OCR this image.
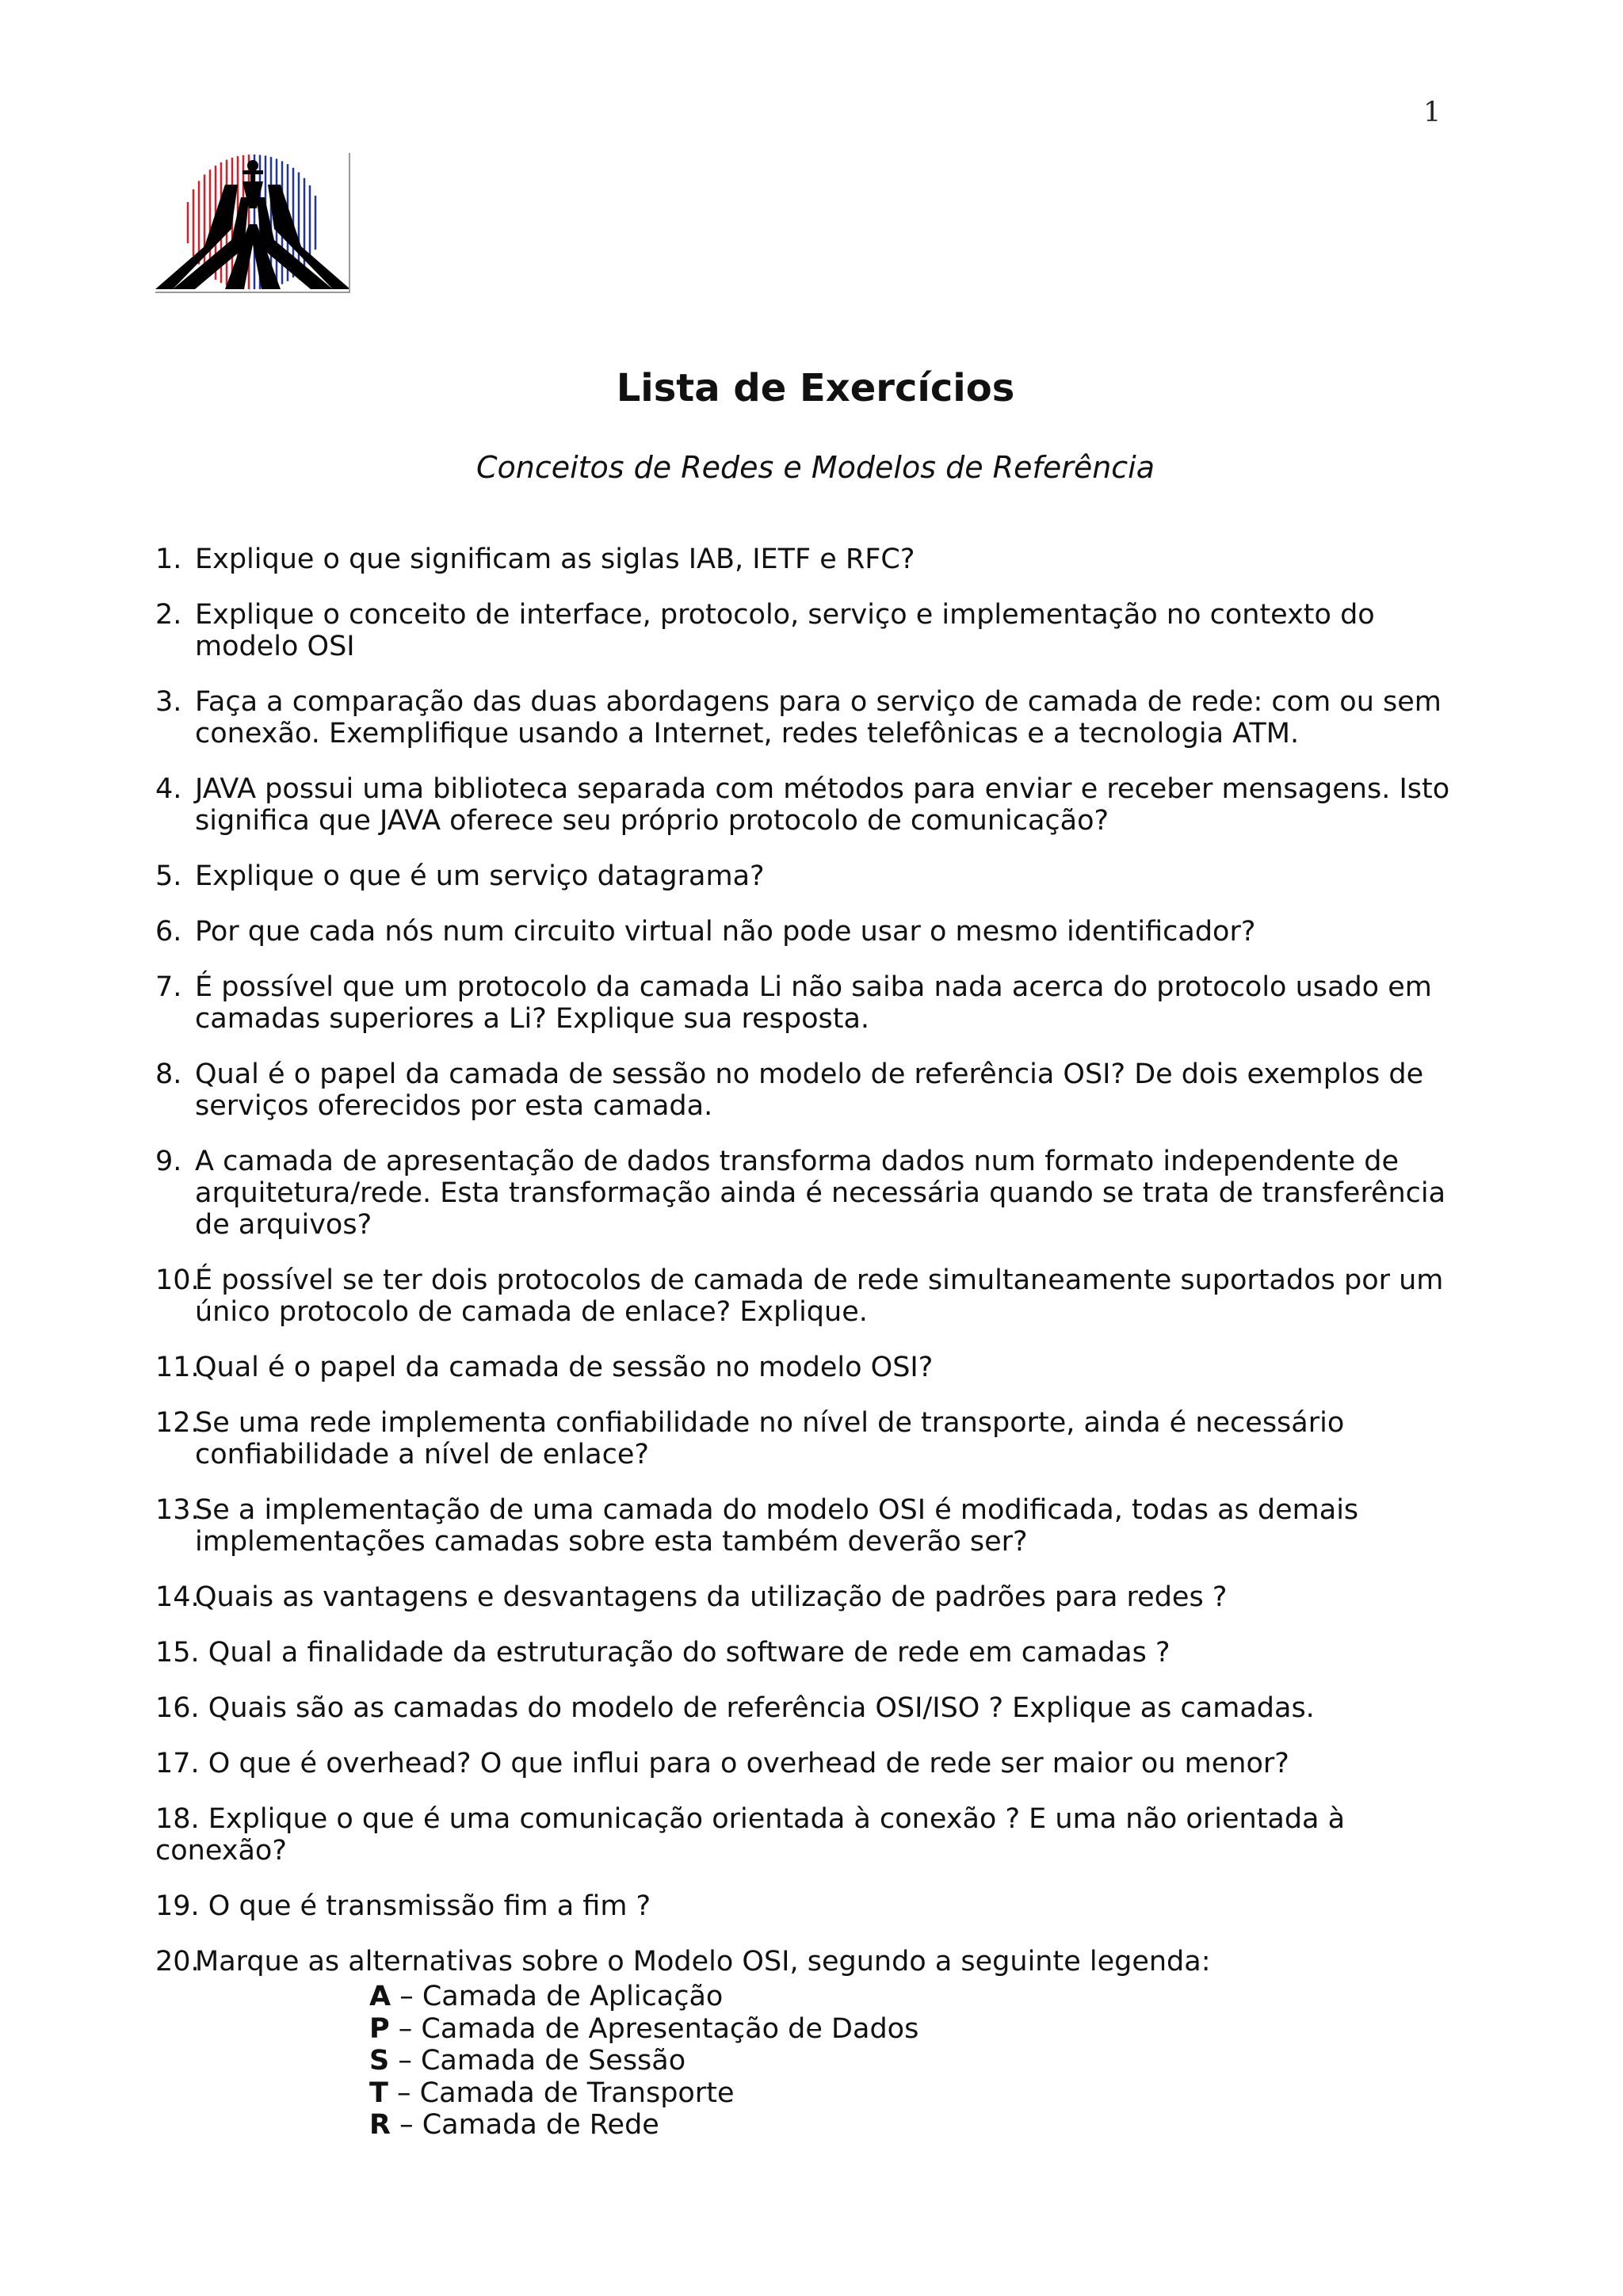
1
Lista de Exercícios
Conceitos de Redes e Modelos de Referência
1. Explique o que significam as siglas IAB, IETF e RFC?
2. Explique o conceito de interface, protocolo, serviço e implementação no contexto do modelo OSI
3. Faça a comparação das duas abordagens para o serviço de camada de rede: com ou sem conexão. Exemplifique usando a Internet, redes telefônicas e a tecnologia ATM.
4. JAVA possui uma biblioteca separada com métodos para enviar e receber mensagens. Isto significa que JAVA oferece seu próprio protocolo de comunicação?
5. Explique o que é um serviço datagrama?
6. Por que cada nós num circuito virtual não pode usar o mesmo identificador?
7. É possível que um protocolo da camada Li não saiba nada acerca do protocolo usado em camadas superiores a Li? Explique sua resposta.
8. Qual é o papel da camada de sessão no modelo de referência OSI? De dois exemplos de serviços oferecidos por esta camada.
9. A camada de apresentação de dados transforma dados num formato independente de arquitetura/rede. Esta transformação ainda é necessária quando se trata de transferência de arquivos?
10.
É possível se ter dois protocolos de camada de rede simultaneamente suportados por um único protocolo de camada de enlace? Explique.
11.
Qual é o papel da camada de sessão no modelo OSI?
12.
Se uma rede implementa confiabilidade no nível de transporte, ainda é necessário confiabilidade a nível de enlace?
13.
Se a implementação de uma camada do modelo OSI é modificada, todas as demais implementações camadas sobre esta também deverão ser?
14.
Quais as vantagens e desvantagens da utilização de padrões para redes ?
15. Qual a finalidade da estruturação do software de rede em camadas ?
16. Quais são as camadas do modelo de referência OSI/ISO ? Explique as camadas.
17. O que é overhead? O que influi para o overhead de rede ser maior ou menor?
18. Explique o que é uma comunicação orientada à conexão ? E uma não orientada à conexão?
19. O que é transmissão fim a fim ?
20.
Marque as alternativas sobre o Modelo OSI, segundo a seguinte legenda:
A – Camada de Aplicação
P – Camada de Apresentação de Dados
S – Camada de Sessão
T – Camada de Transporte
R – Camada de Rede
